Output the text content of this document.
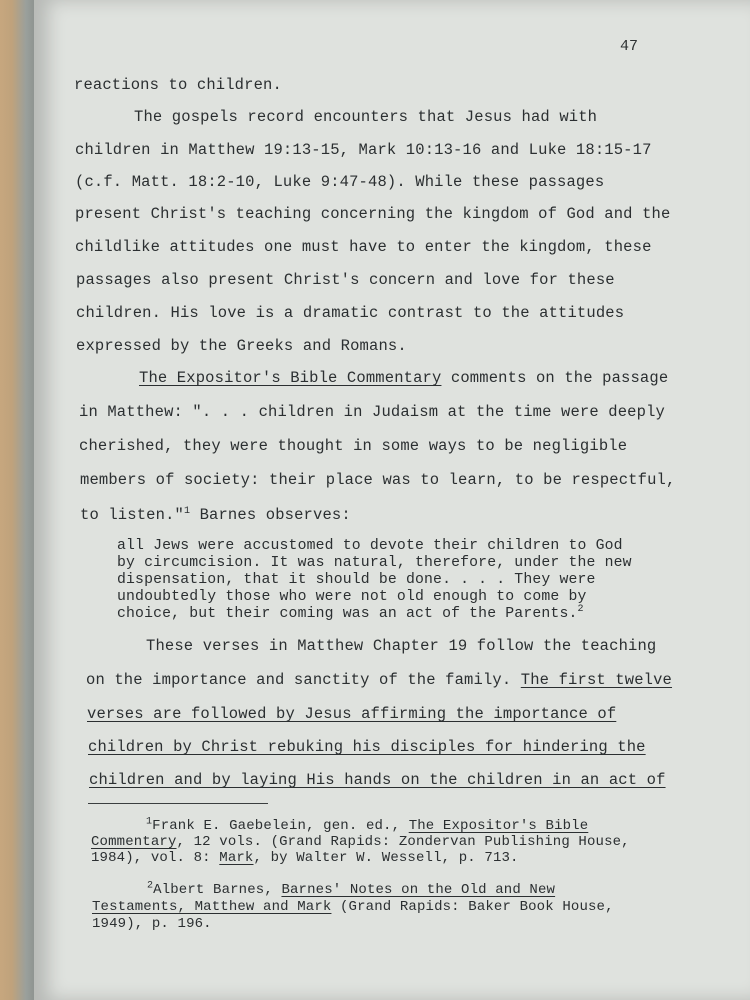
47
reactions to children.
The gospels record encounters that Jesus had with
children in Matthew 19:13-15, Mark 10:13-16 and Luke 18:15-17
(c.f. Matt. 18:2-10, Luke 9:47-48). While these passages
present Christ's teaching concerning the kingdom of God and the
childlike attitudes one must have to enter the kingdom, these
passages also present Christ's concern and love for these
children. His love is a dramatic contrast to the attitudes
expressed by the Greeks and Romans.
The Expositor's Bible Commentary comments on the passage
in Matthew: ". . . children in Judaism at the time were deeply
cherished, they were thought in some ways to be negligible
members of society: their place was to learn, to be respectful,
to listen."$^1$ Barnes observes:
all Jews were accustomed to devote their children to God
by circumcision. It was natural, therefore, under the new
dispensation, that it should be done. . . . They were
undoubtedly those who were not old enough to come by
choice, but their coming was an act of the Parents.$^2$
These verses in Matthew Chapter 19 follow the teaching
on the importance and sanctity of the family. The first twelve
verses are followed by Jesus affirming the importance of
children by Christ rebuking his disciples for hindering the
children and by laying His hands on the children in an act of
$^1$Frank E. Gaebelein, gen. ed., The Expositor's Bible
Commentary, 12 vols. (Grand Rapids: Zondervan Publishing House,
1984), vol. 8: Mark, by Walter W. Wessell, p. 713.
$^2$Albert Barnes, Barnes' Notes on the Old and New
Testaments, Matthew and Mark (Grand Rapids: Baker Book House,
1949), p. 196.
